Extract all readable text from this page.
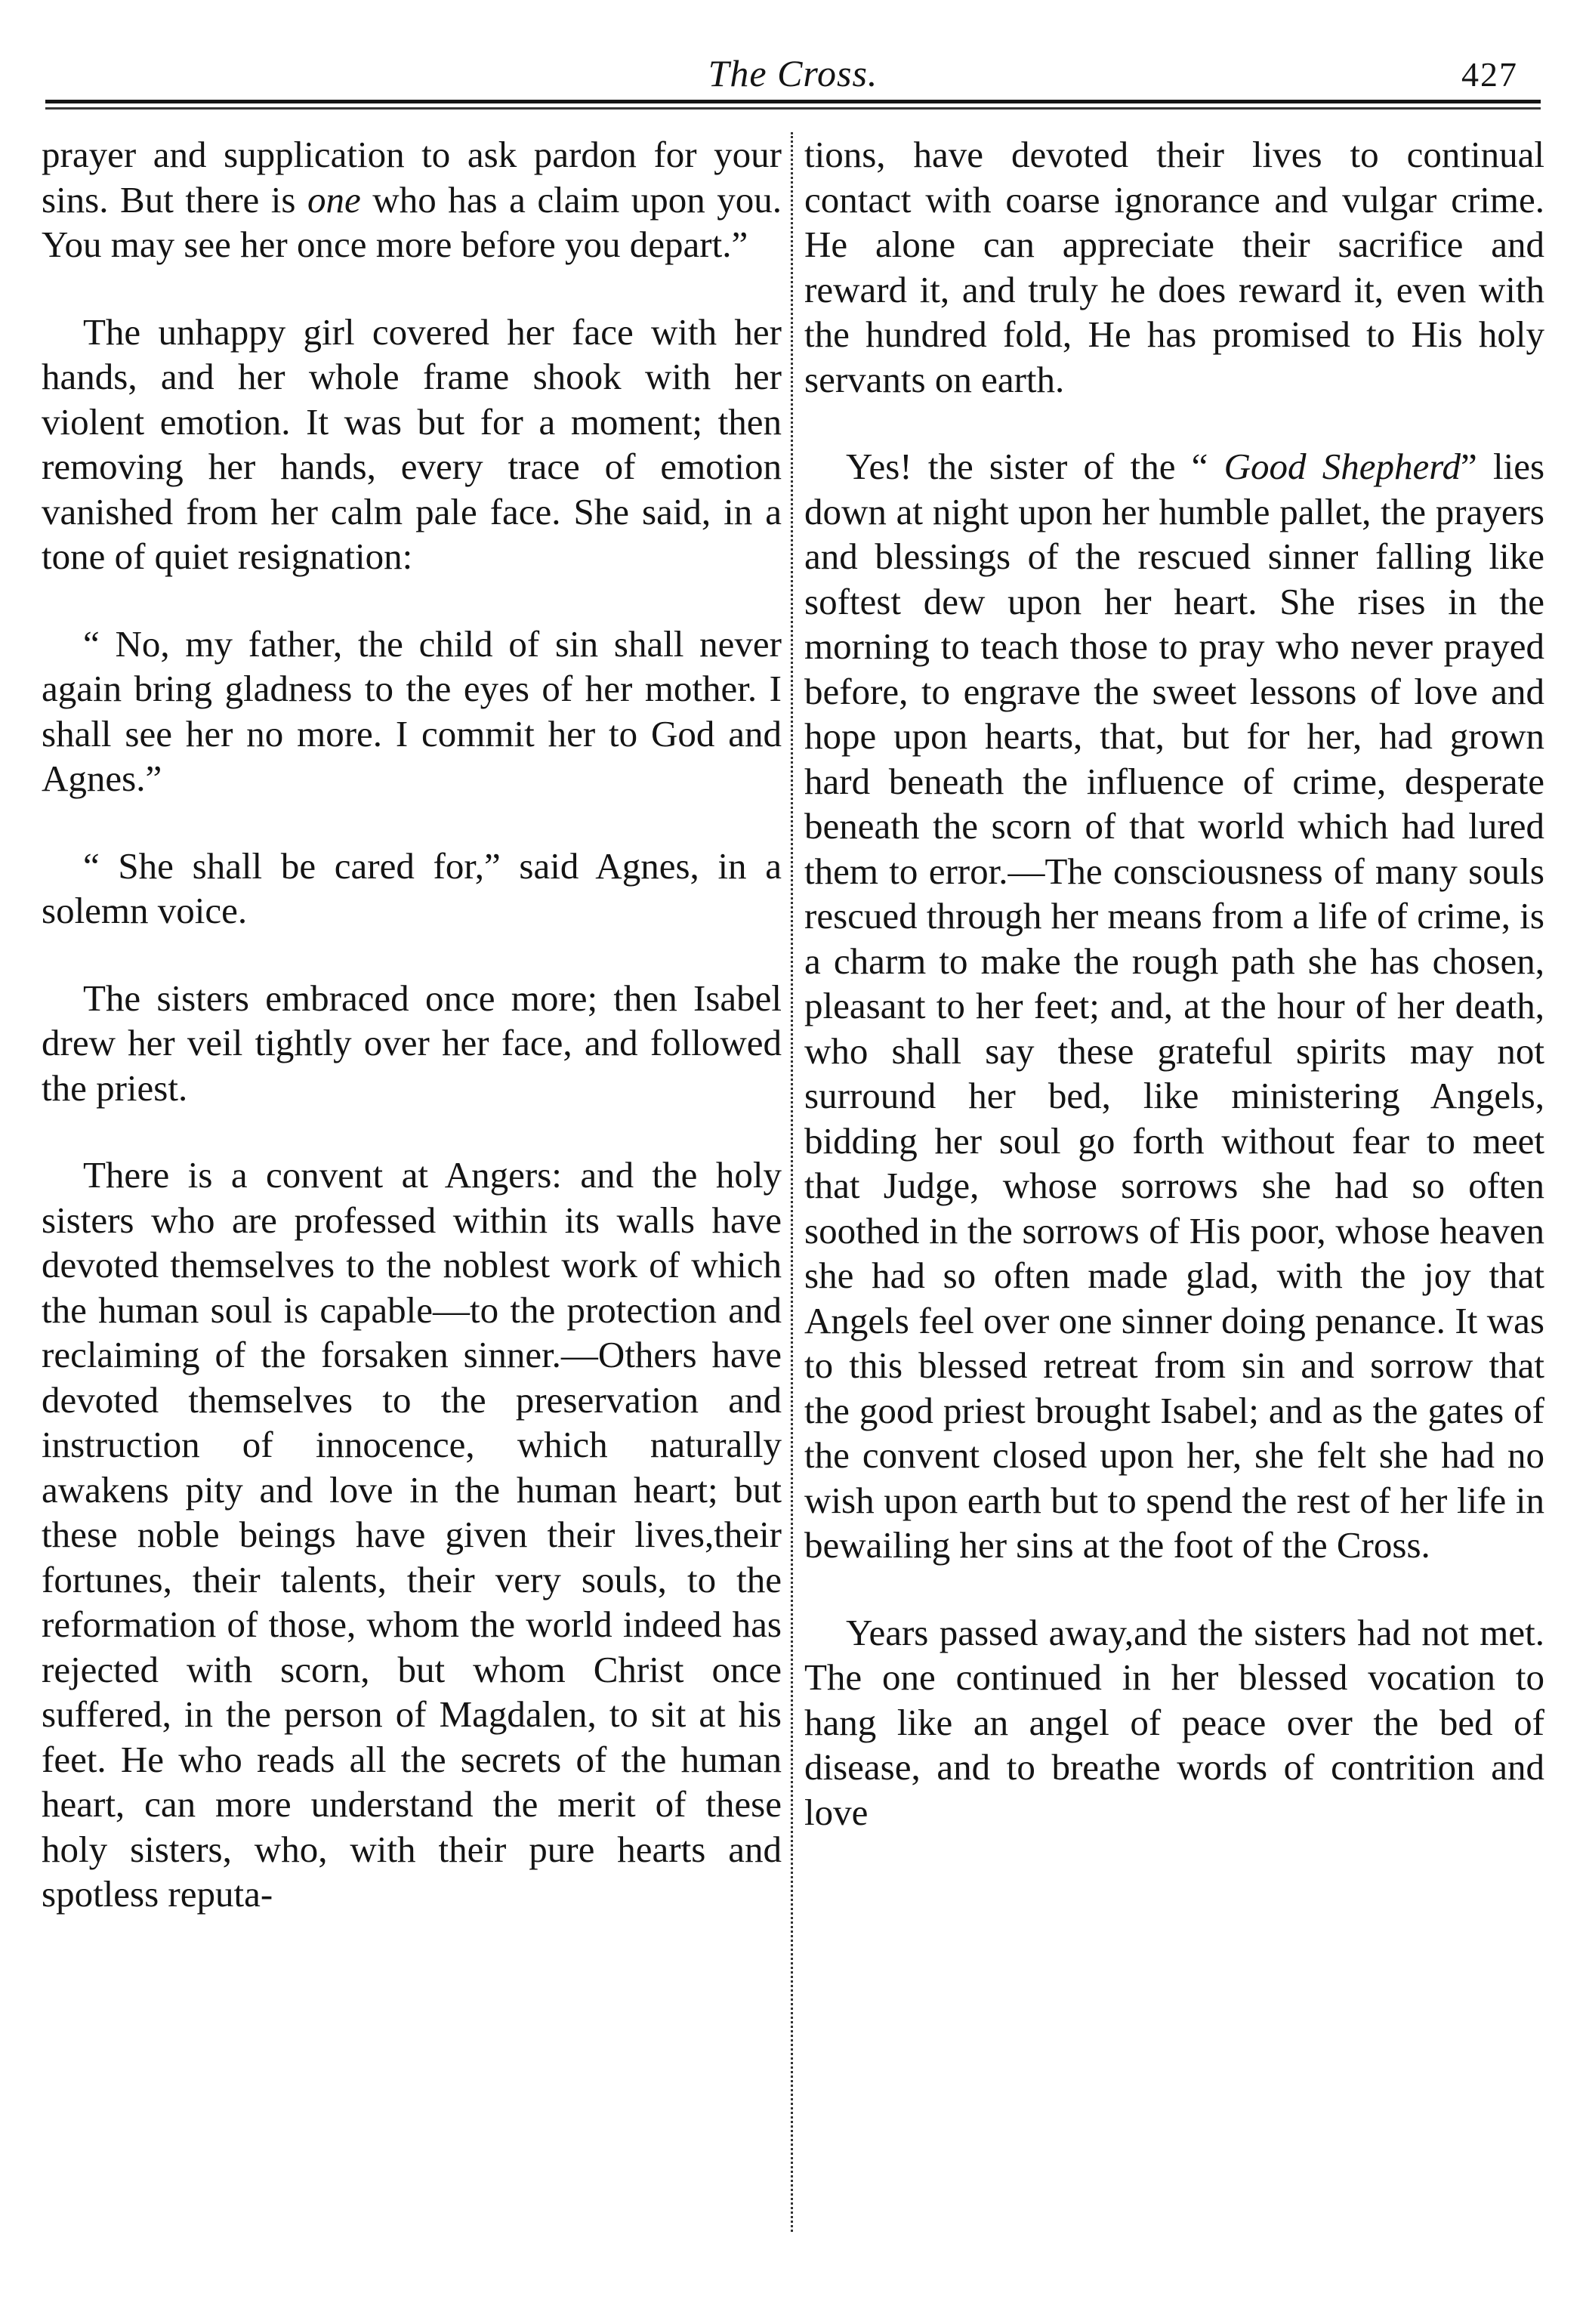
The Cross.	427

prayer and supplication to ask pardon for your sins. But there is one who has a claim upon you. You may see her once more before you depart.”

The unhappy girl covered her face with her hands, and her whole frame shook with her violent emotion. It was but for a moment; then removing her hands, every trace of emotion vanished from her calm pale face. She said, in a tone of quiet resignation:

“ No, my father, the child of sin shall never again bring gladness to the eyes of her mother. I shall see her no more. I commit her to God and Agnes.”

“ She shall be cared for,” said Agnes, in a solemn voice.

The sisters embraced once more; then Isabel drew her veil tightly over her face, and followed the priest.

There is a convent at Angers: and the holy sisters who are professed within its walls have devoted themselves to the noblest work of which the human soul is capable—to the protection and reclaiming of the forsaken sinner.—Others have devoted themselves to the preservation and instruction of innocence, which naturally awakens pity and love in the human heart; but these noble beings have given their lives,their fortunes, their talents, their very souls, to the reformation of those, whom the world indeed has rejected with scorn, but whom Christ once suffered, in the person of Magdalen, to sit at his feet. He who reads all the secrets of the human heart, can more understand the merit of these holy sisters, who, with their pure hearts and spotless reputa-

tions, have devoted their lives to continual contact with coarse ignorance and vulgar crime. He alone can appreciate their sacrifice and reward it, and truly he does reward it, even with the hundred fold, He has promised to His holy servants on earth.

Yes! the sister of the “ Good Shepherd” lies down at night upon her humble pallet, the prayers and blessings of the rescued sinner falling like softest dew upon her heart. She rises in the morning to teach those to pray who never prayed before, to engrave the sweet lessons of love and hope upon hearts, that, but for her, had grown hard beneath the influence of crime, desperate beneath the scorn of that world which had lured them to error.—The consciousness of many souls rescued through her means from a life of crime, is a charm to make the rough path she has chosen, pleasant to her feet; and, at the hour of her death, who shall say these grateful spirits may not surround her bed, like ministering Angels, bidding her soul go forth without fear to meet that Judge, whose sorrows she had so often soothed in the sorrows of His poor, whose heaven she had so often made glad, with the joy that Angels feel over one sinner doing penance. It was to this blessed retreat from sin and sorrow that the good priest brought Isabel; and as the gates of the convent closed upon her, she felt she had no wish upon earth but to spend the rest of her life in bewailing her sins at the foot of the Cross.

Years passed away,and the sisters had not met. The one continued in her blessed vocation to hang like an angel of peace over the bed of disease, and to breathe words of contrition and love
